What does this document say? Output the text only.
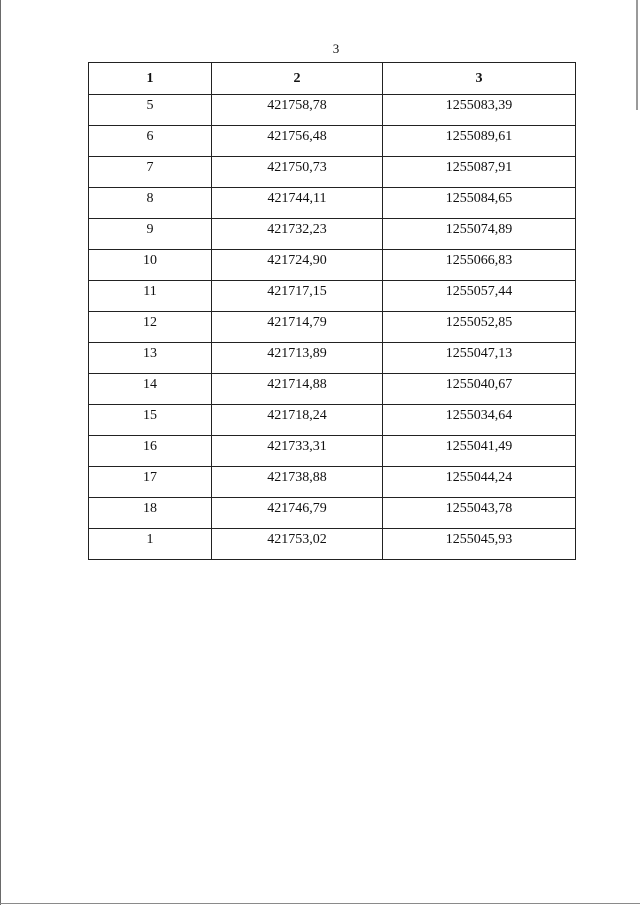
3
1	2	3
5	421758,78	1255083,39
6	421756,48	1255089,61
7	421750,73	1255087,91
8	421744,11	1255084,65
9	421732,23	1255074,89
10	421724,90	1255066,83
11	421717,15	1255057,44
12	421714,79	1255052,85
13	421713,89	1255047,13
14	421714,88	1255040,67
15	421718,24	1255034,64
16	421733,31	1255041,49
17	421738,88	1255044,24
18	421746,79	1255043,78
1	421753,02	1255045,93
